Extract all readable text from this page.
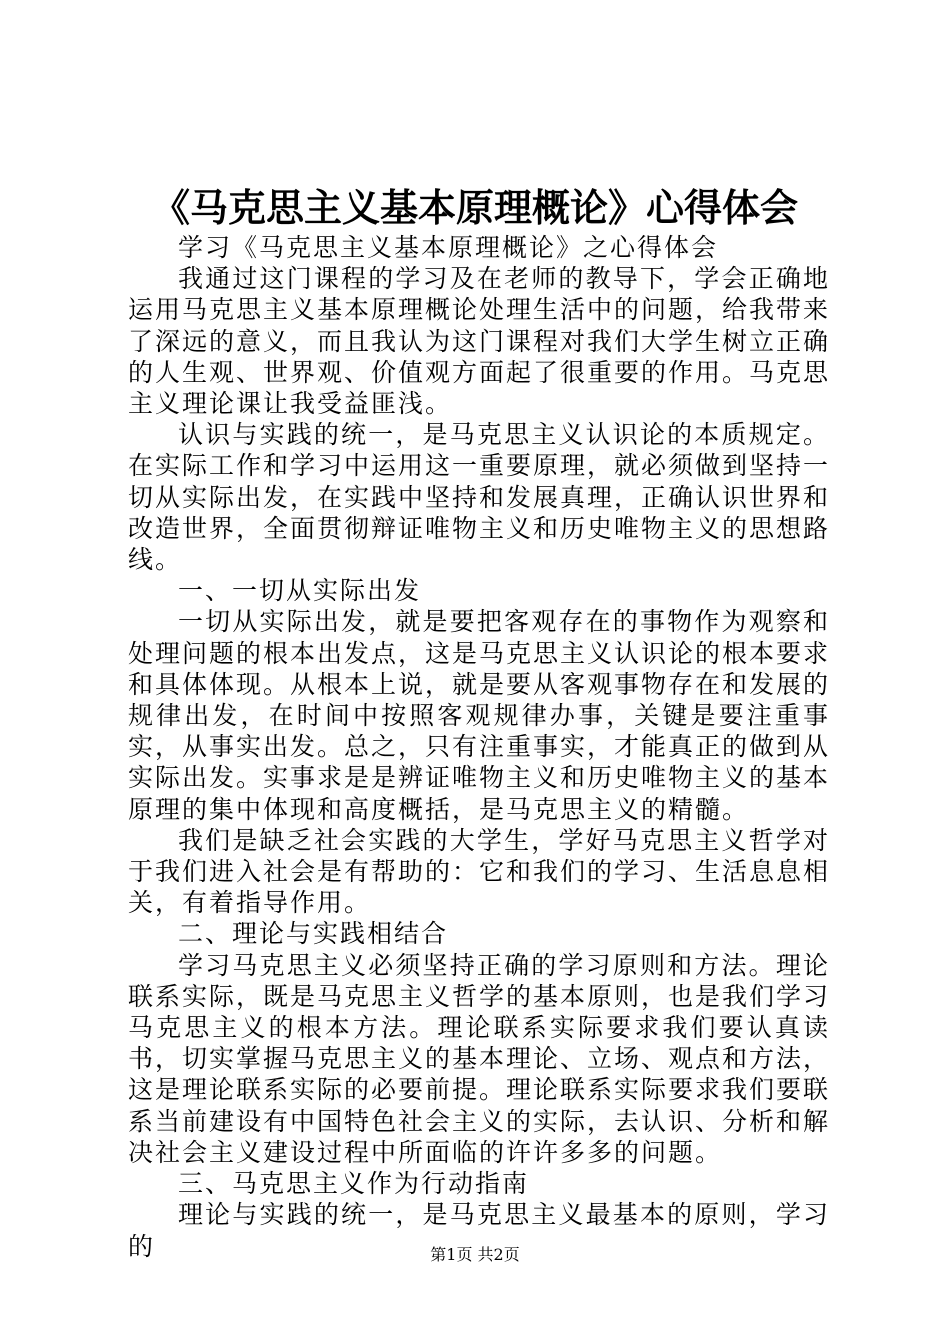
《马克思主义基本原理概论》心得体会

学习《马克思主义基本原理概论》之心得体会

我通过这门课程的学习及在老师的教导下，学会正确地运用马克思主义基本原理概论处理生活中的问题，给我带来了深远的意义，而且我认为这门课程对我们大学生树立正确的人生观、世界观、价值观方面起了很重要的作用。马克思主义理论课让我受益匪浅。

认识与实践的统一，是马克思主义认识论的本质规定。在实际工作和学习中运用这一重要原理，就必须做到坚持一切从实际出发，在实践中坚持和发展真理，正确认识世界和改造世界，全面贯彻辩证唯物主义和历史唯物主义的思想路线。

一、一切从实际出发

一切从实际出发，就是要把客观存在的事物作为观察和处理问题的根本出发点，这是马克思主义认识论的根本要求和具体体现。从根本上说，就是要从客观事物存在和发展的规律出发，在时间中按照客观规律办事，关键是要注重事实，从事实出发。总之，只有注重事实，才能真正的做到从实际出发。实事求是是辨证唯物主义和历史唯物主义的基本原理的集中体现和高度概括，是马克思主义的精髓。

我们是缺乏社会实践的大学生，学好马克思主义哲学对于我们进入社会是有帮助的：它和我们的学习、生活息息相关，有着指导作用。

二、理论与实践相结合

学习马克思主义必须坚持正确的学习原则和方法。理论联系实际，既是马克思主义哲学的基本原则，也是我们学习马克思主义的根本方法。理论联系实际要求我们要认真读书，切实掌握马克思主义的基本理论、立场、观点和方法，这是理论联系实际的必要前提。理论联系实际要求我们要联系当前建设有中国特色社会主义的实际，去认识、分析和解决社会主义建设过程中所面临的许许多多的问题。

三、马克思主义作为行动指南

理论与实践的统一，是马克思主义最基本的原则，学习的	第1页 共2页
